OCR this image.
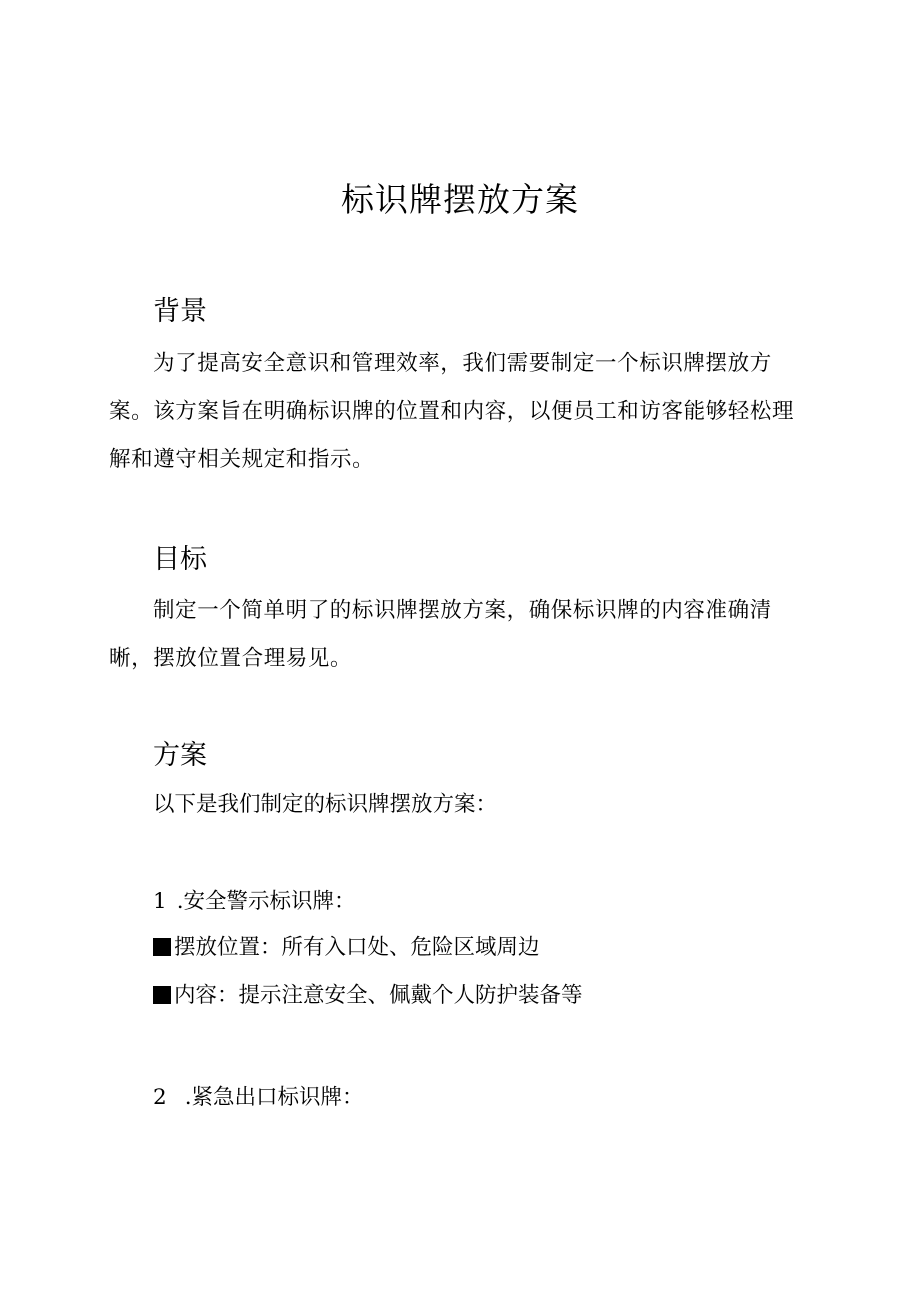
标识牌摆放方案
背景

为了提高安全意识和管理效率，我们需要制定一个标识牌摆放方案。该方案旨在明确标识牌的位置和内容，以便员工和访客能够轻松理解和遵守相关规定和指示。

目标

制定一个简单明了的标识牌摆放方案，确保标识牌的内容准确清晰，摆放位置合理易见。

方案

以下是我们制定的标识牌摆放方案：

1 .安全警示标识牌：

摆放位置：所有入口处、危险区域周边

内容：提示注意安全、佩戴个人防护装备等

2 .紧急出口标识牌：
